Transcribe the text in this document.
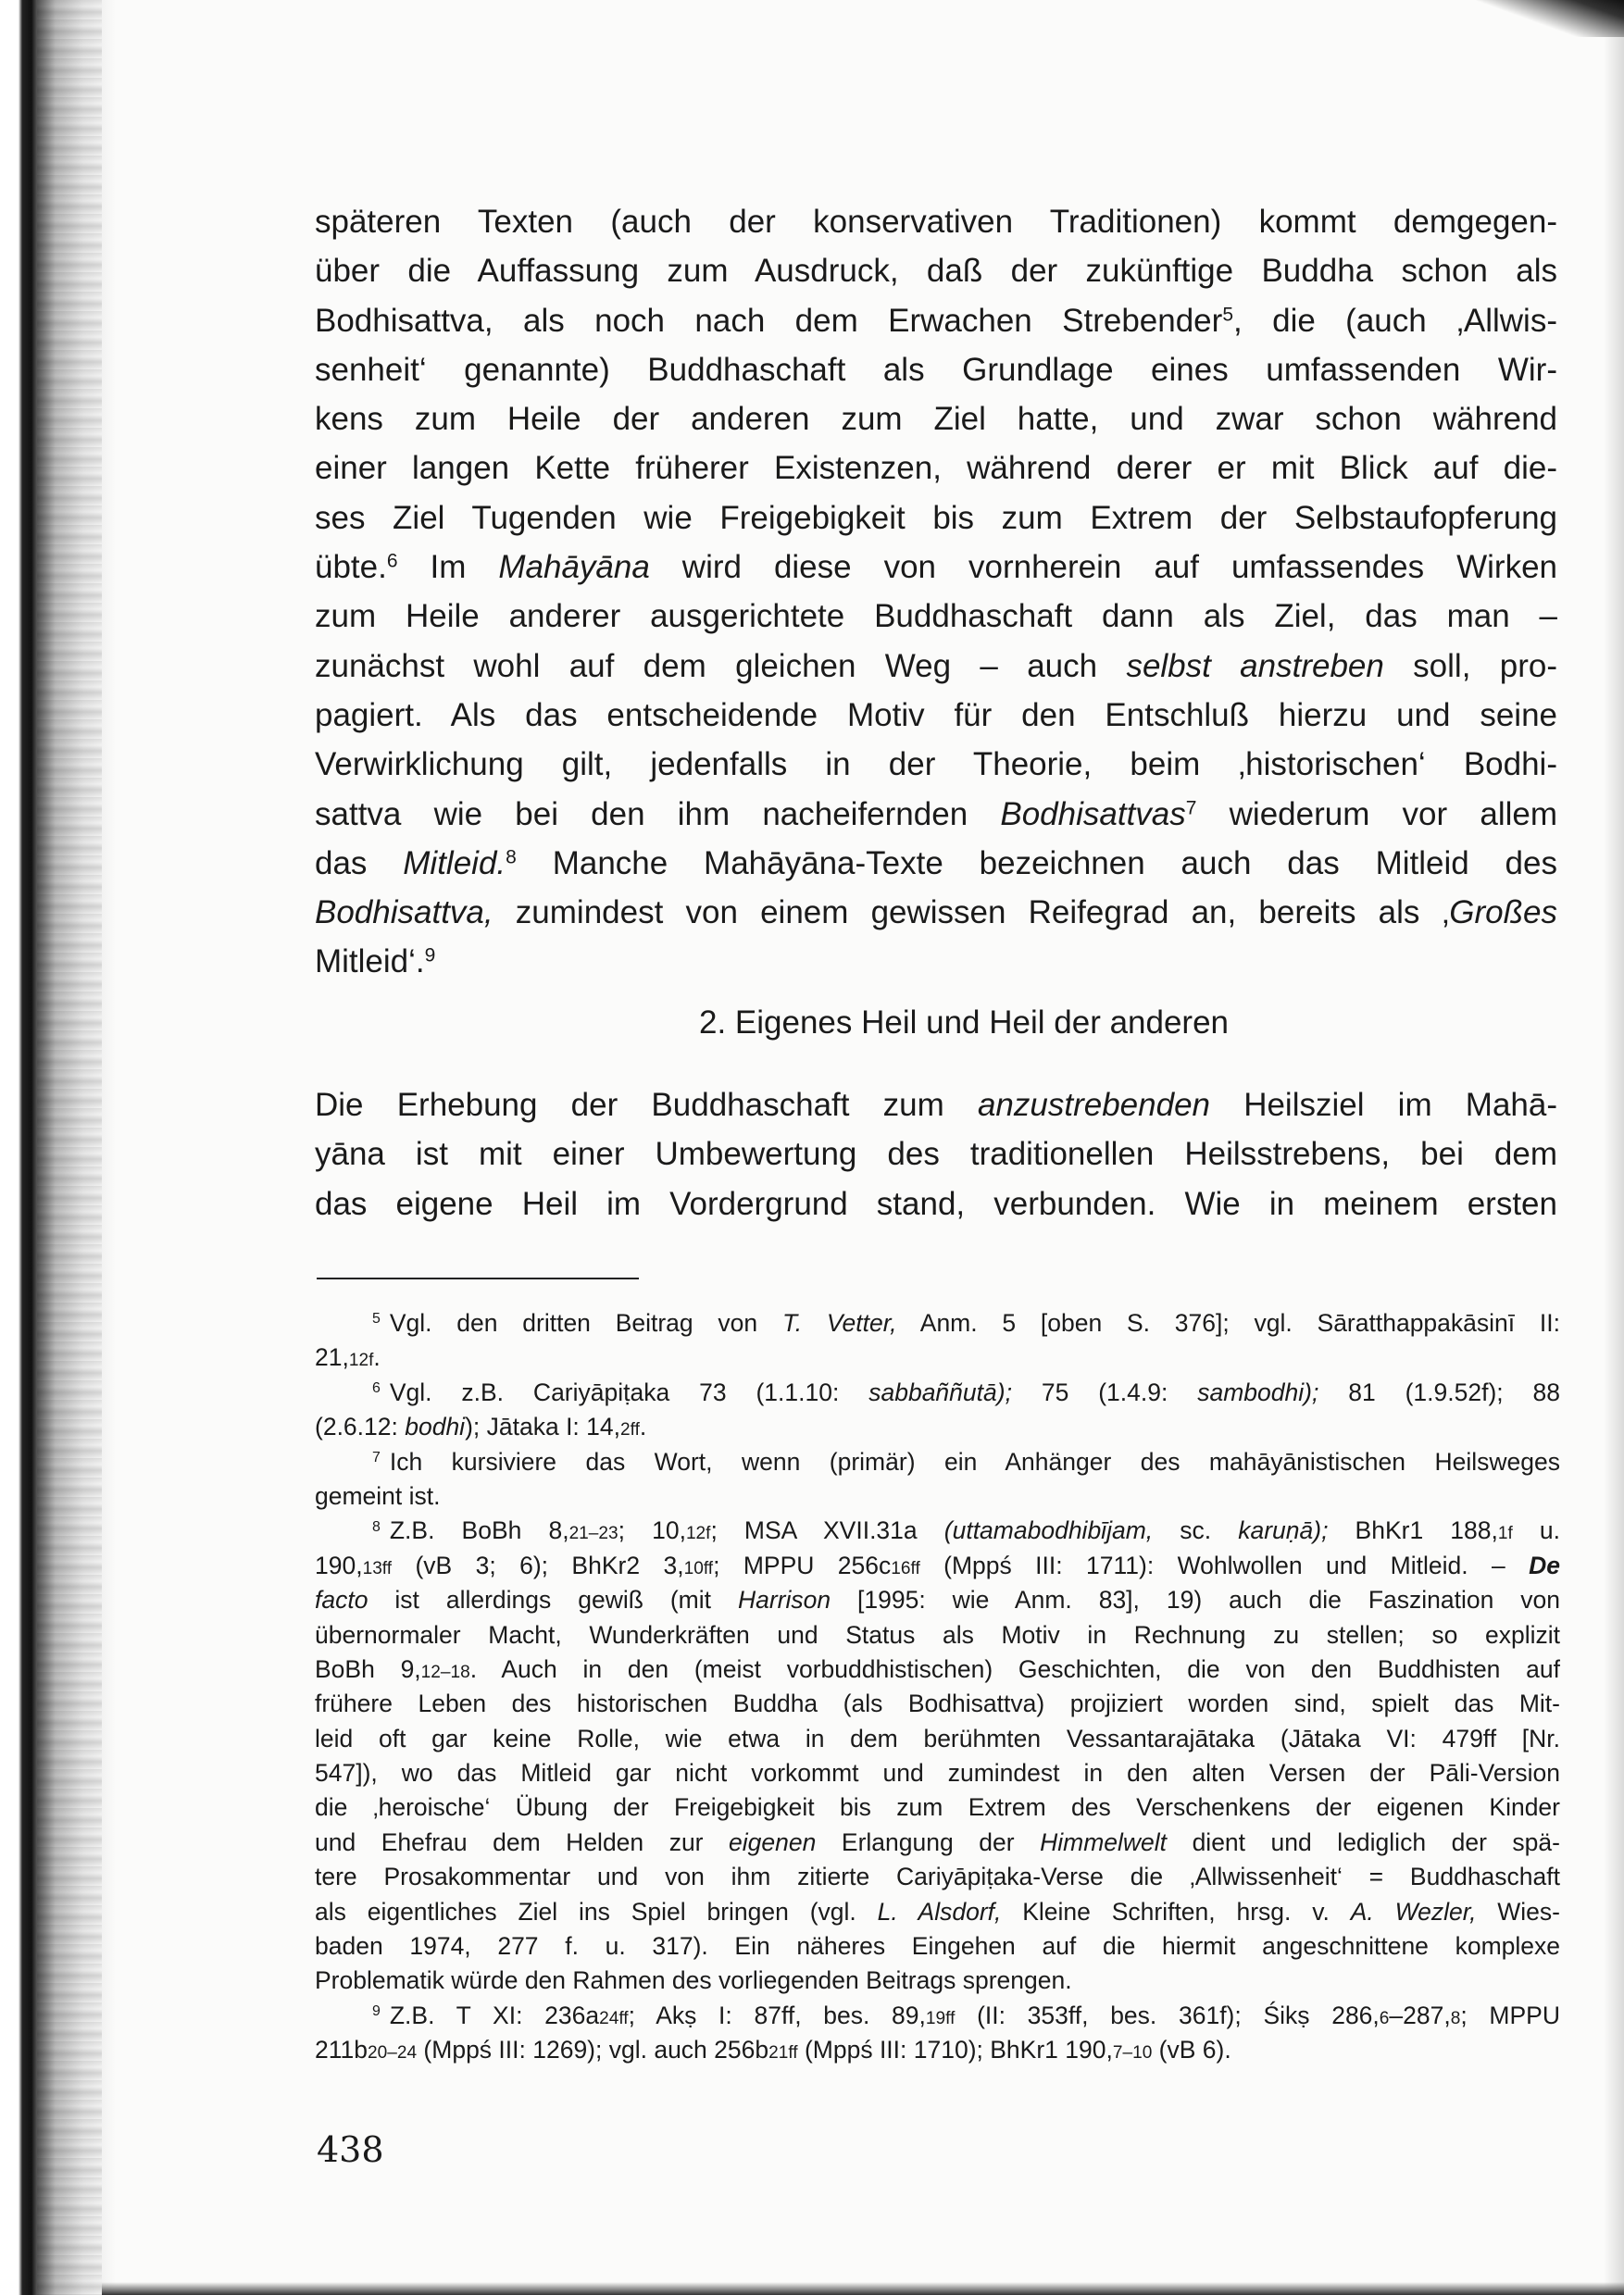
späteren Texten (auch der konservativen Traditionen) kommt demgegen-
über die Auffassung zum Ausdruck, daß der zukünftige Buddha schon als
Bodhisattva, als noch nach dem Erwachen Strebender$^5$, die (auch ‚Allwis-
senheit‘ genannte) Buddhaschaft als Grundlage eines umfassenden Wir-
kens zum Heile der anderen zum Ziel hatte, und zwar schon während
einer langen Kette früherer Existenzen, während derer er mit Blick auf die-
ses Ziel Tugenden wie Freigebigkeit bis zum Extrem der Selbstaufopferung
übte.$^6$ Im Mahāyāna wird diese von vornherein auf umfassendes Wirken
zum Heile anderer ausgerichtete Buddhaschaft dann als Ziel, das man –
zunächst wohl auf dem gleichen Weg – auch selbst anstreben soll, pro-
pagiert. Als das entscheidende Motiv für den Entschluß hierzu und seine
Verwirklichung gilt, jedenfalls in der Theorie, beim ‚historischen‘ Bodhi-
sattva wie bei den ihm nacheifernden Bodhisattvas$^7$ wiederum vor allem
das Mitleid.$^8$ Manche Mahāyāna-Texte bezeichnen auch das Mitleid des
Bodhisattva, zumindest von einem gewissen Reifegrad an, bereits als ‚Großes
Mitleid‘.$^9$
2. Eigenes Heil und Heil der anderen
Die Erhebung der Buddhaschaft zum anzustrebenden Heilsziel im Mahā-
yāna ist mit einer Umbewertung des traditionellen Heilsstrebens, bei dem
das eigene Heil im Vordergrund stand, verbunden. Wie in meinem ersten
$^5$ Vgl. den dritten Beitrag von T. Vetter, Anm. 5 [oben S. 376]; vgl. Sāratthappakāsinī II:
21,12f.
$^6$ Vgl. z.B. Cariyāpiṭaka 73 (1.1.10: sabbaññutā); 75 (1.4.9: sambodhi); 81 (1.9.52f); 88
(2.6.12: bodhi); Jātaka I: 14,2ff.
$^7$ Ich kursiviere das Wort, wenn (primär) ein Anhänger des mahāyānistischen Heilsweges
gemeint ist.
$^8$ Z.B. BoBh 8,21–23; 10,12f; MSA XVII.31a (uttamabodhibījam, sc. karuṇā); BhKr1 188,1f u.
190,13ff (vB 3; 6); BhKr2 3,10ff; MPPU 256c16ff (Mppś III: 1711): Wohlwollen und Mitleid. – De
facto ist allerdings gewiß (mit Harrison [1995: wie Anm. 83], 19) auch die Faszination von
übernormaler Macht, Wunderkräften und Status als Motiv in Rechnung zu stellen; so explizit
BoBh 9,12–18. Auch in den (meist vorbuddhistischen) Geschichten, die von den Buddhisten auf
frühere Leben des historischen Buddha (als Bodhisattva) projiziert worden sind, spielt das Mit-
leid oft gar keine Rolle, wie etwa in dem berühmten Vessantarajātaka (Jātaka VI: 479ff [Nr.
547]), wo das Mitleid gar nicht vorkommt und zumindest in den alten Versen der Pāli-Version
die ‚heroische‘ Übung der Freigebigkeit bis zum Extrem des Verschenkens der eigenen Kinder
und Ehefrau dem Helden zur eigenen Erlangung der Himmelwelt dient und lediglich der spä-
tere Prosakommentar und von ihm zitierte Cariyāpiṭaka-Verse die ‚Allwissenheit‘ = Buddhaschaft
als eigentliches Ziel ins Spiel bringen (vgl. L. Alsdorf, Kleine Schriften, hrsg. v. A. Wezler, Wies-
baden 1974, 277 f. u. 317). Ein näheres Eingehen auf die hiermit angeschnittene komplexe
Problematik würde den Rahmen des vorliegenden Beitrags sprengen.
$^9$ Z.B. T XI: 236a24ff; Akṣ I: 87ff, bes. 89,19ff (II: 353ff, bes. 361f); Śikṣ 286,6–287,8; MPPU
211b20–24 (Mppś III: 1269); vgl. auch 256b21ff (Mppś III: 1710); BhKr1 190,7–10 (vB 6).
438
